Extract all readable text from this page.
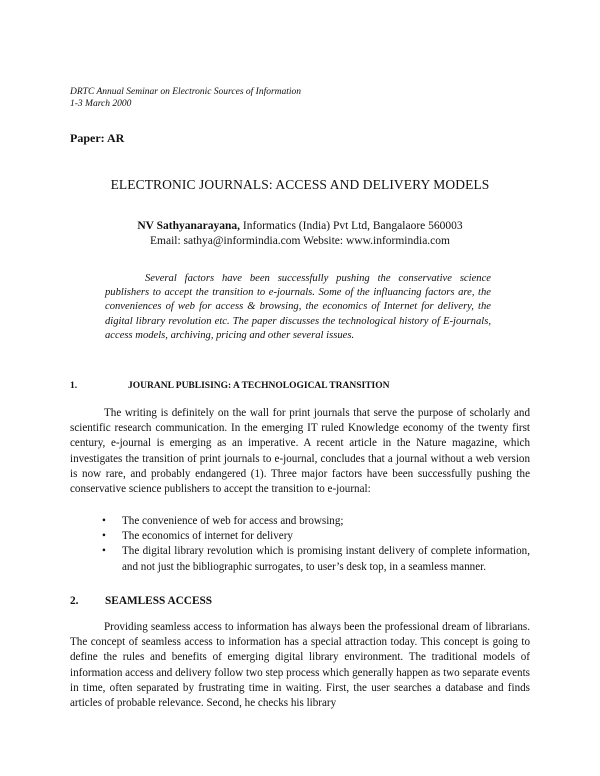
DRTC Annual Seminar on Electronic Sources of Information
1-3 March 2000
Paper: AR
ELECTRONIC JOURNALS: ACCESS AND DELIVERY MODELS
NV Sathyanarayana, Informatics (India) Pvt Ltd, Bangalaore 560003
Email: sathya@informindia.com Website: www.informindia.com

Several factors have been successfully pushing the conservative science publishers to accept the transition to e-journals. Some of the influancing factors are, the conveniences of web for access & browsing, the economics of Internet for delivery, the digital library revolution etc. The paper discusses the technological history of E-journals, access models, archiving, pricing and other several issues.

1.	JOURANL PUBLISING: A TECHNOLOGICAL TRANSITION

The writing is definitely on the wall for print journals that serve the purpose of scholarly and scientific research communication. In the emerging IT ruled Knowledge economy of the twenty first century, e-journal is emerging as an imperative. A recent article in the Nature magazine, which investigates the transition of print journals to e-journal, concludes that a journal without a web version is now rare, and probably endangered (1). Three major factors have been successfully pushing the conservative science publishers to accept the transition to e-journal:

• The convenience of web for access and browsing;
• The economics of internet for delivery
• The digital library revolution which is promising instant delivery of complete information, and not just the bibliographic surrogates, to user’s desk top, in a seamless manner.
2. SEAMLESS ACCESS

Providing seamless access to information has always been the professional dream of librarians. The concept of seamless access to information has a special attraction today. This concept is going to define the rules and benefits of emerging digital library environment. The traditional models of information access and delivery follow two step process which generally happen as two separate events in time, often separated by frustrating time in waiting. First, the user searches a database and finds articles of probable relevance. Second, he checks his library
